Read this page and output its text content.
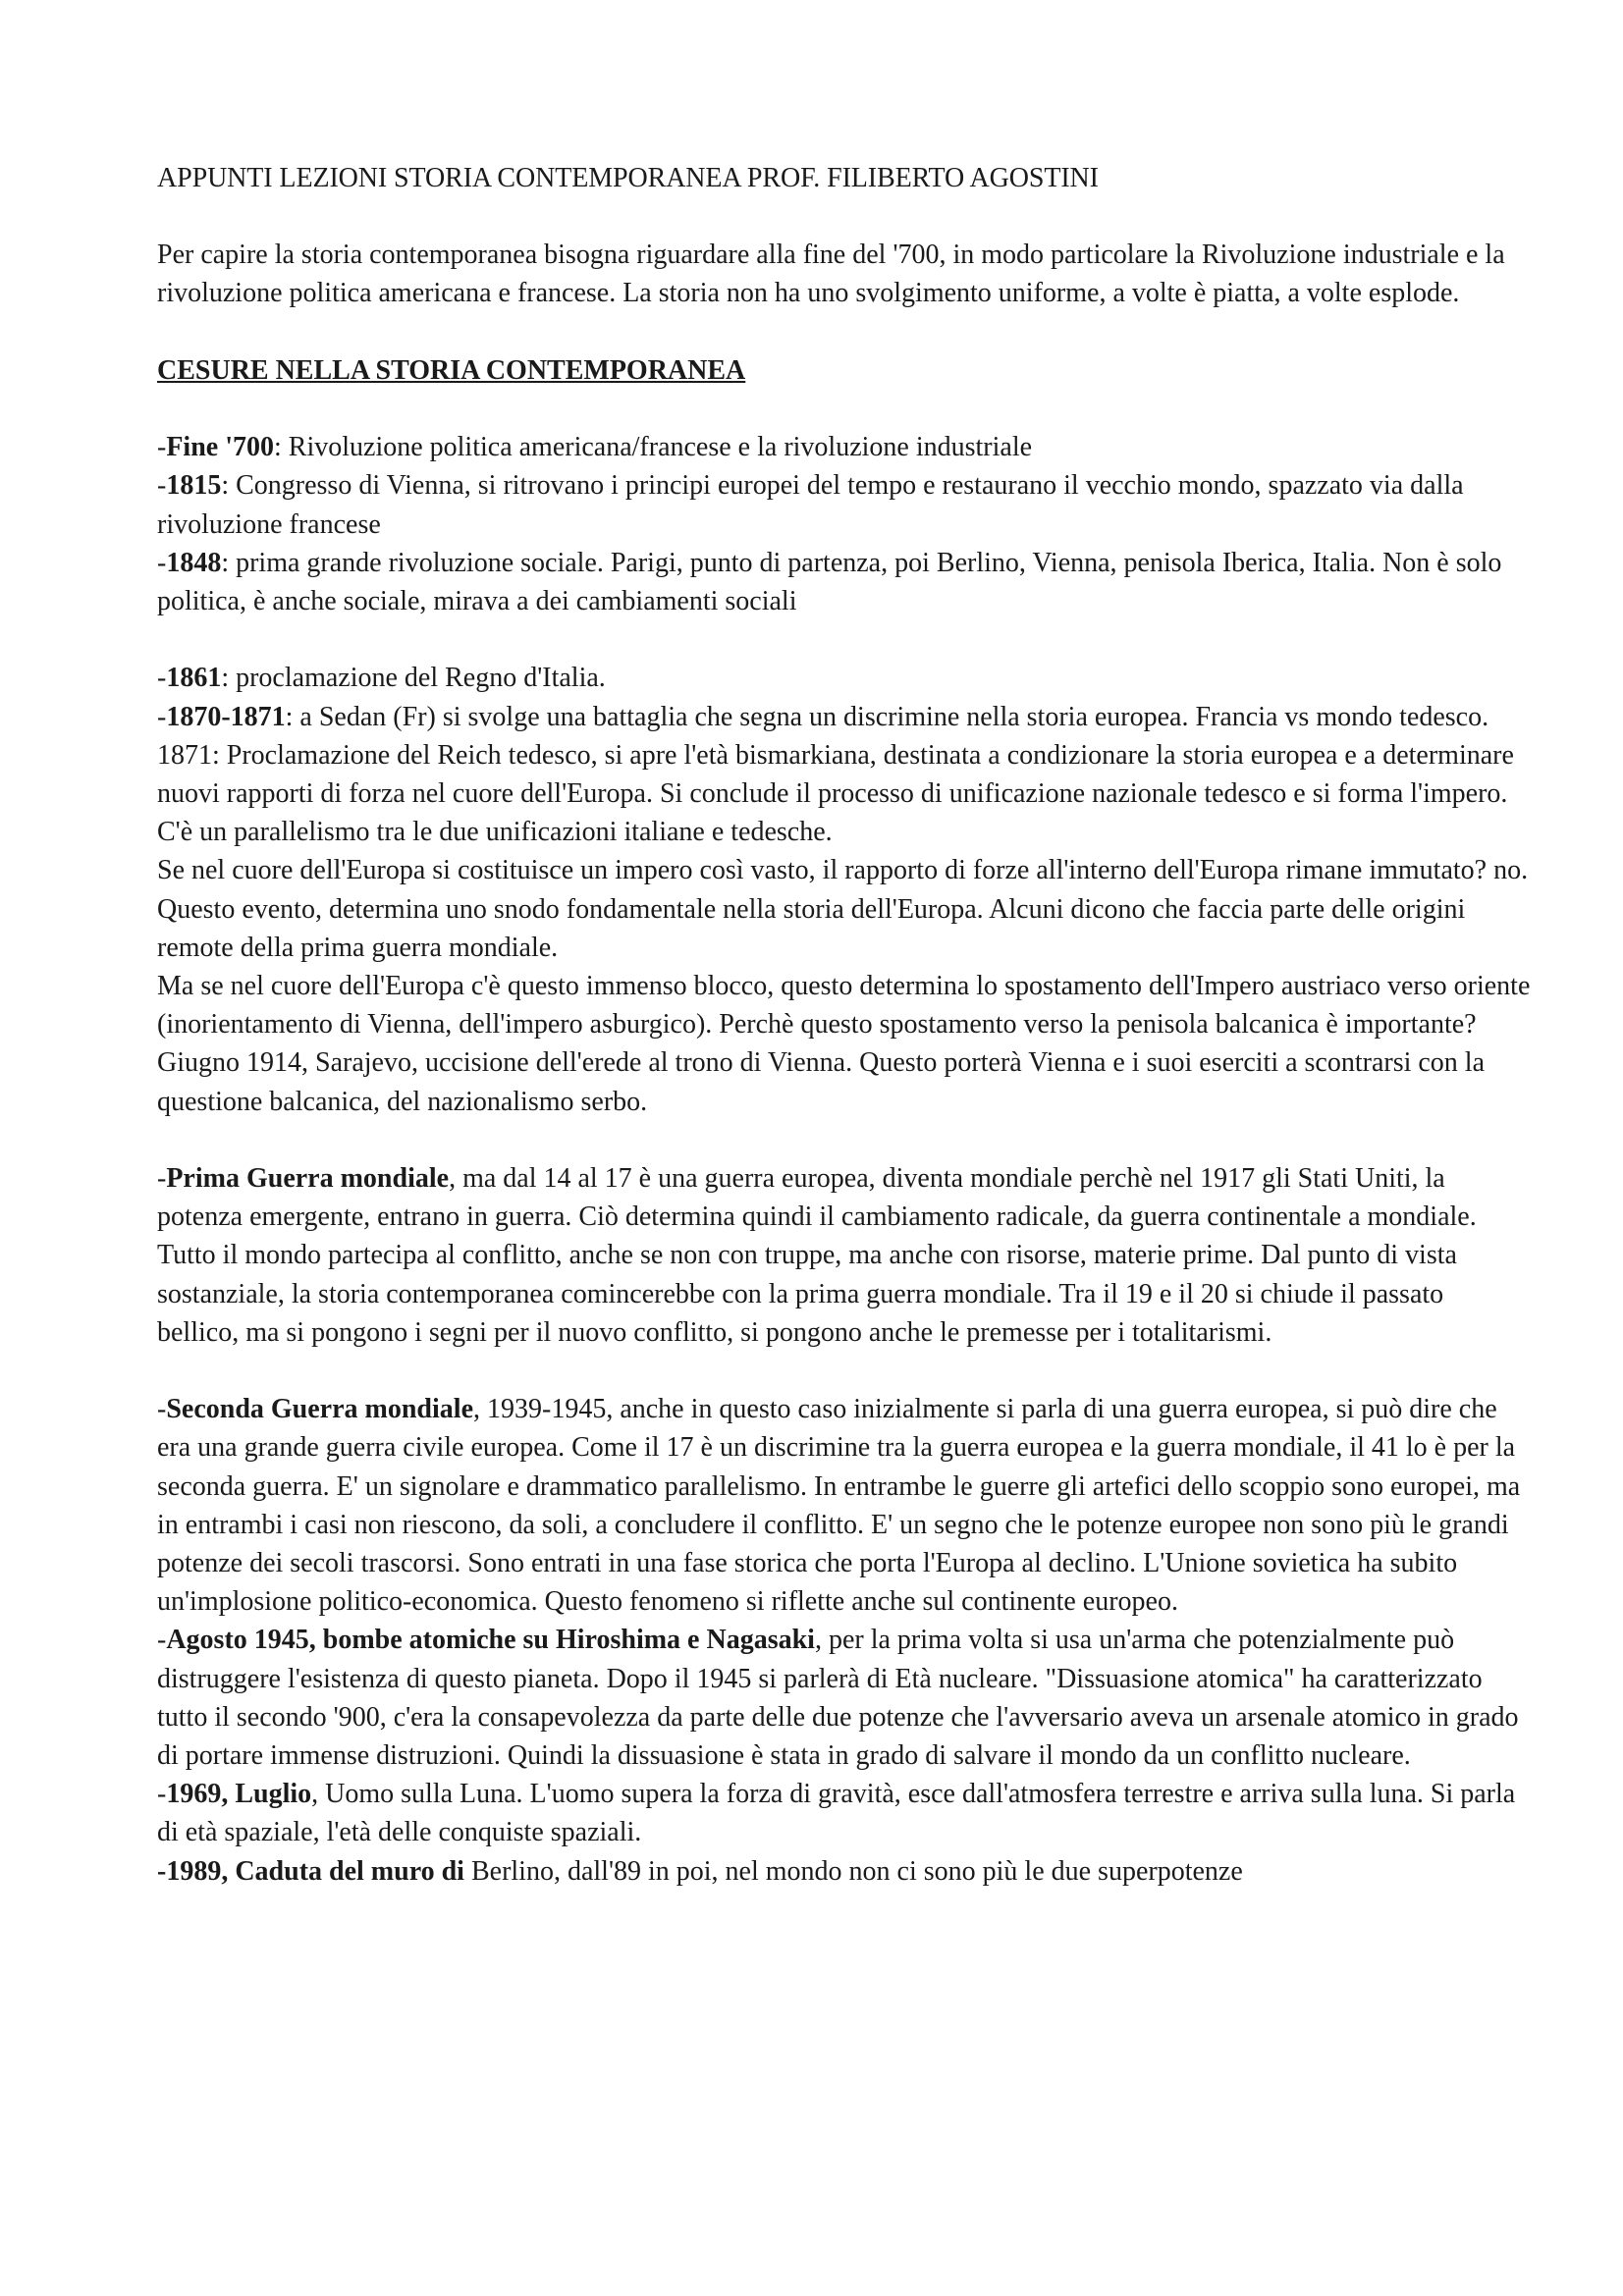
APPUNTI LEZIONI STORIA CONTEMPORANEA PROF. FILIBERTO AGOSTINI

Per capire la storia contemporanea bisogna riguardare alla fine del '700, in modo particolare la Rivoluzione industriale e la rivoluzione politica americana e francese. La storia non ha uno svolgimento uniforme, a volte è piatta, a volte esplode.

CESURE NELLA STORIA CONTEMPORANEA

-Fine '700: Rivoluzione politica americana/francese e la rivoluzione industriale

-1815: Congresso di Vienna, si ritrovano i principi europei del tempo e restaurano il vecchio mondo, spazzato via dalla rivoluzione francese

-1848: prima grande rivoluzione sociale. Parigi, punto di partenza, poi Berlino, Vienna, penisola Iberica, Italia. Non è solo politica, è anche sociale, mirava a dei cambiamenti sociali

-1861: proclamazione del Regno d'Italia.

-1870-1871: a Sedan (Fr) si svolge una battaglia che segna un discrimine nella storia europea. Francia vs mondo tedesco. 1871: Proclamazione del Reich tedesco, si apre l'età bismarkiana, destinata a condizionare la storia europea e a determinare nuovi rapporti di forza nel cuore dell'Europa. Si conclude il processo di unificazione nazionale tedesco e si forma l'impero. C'è un parallelismo tra le due unificazioni italiane e tedesche.

Se nel cuore dell'Europa si costituisce un impero così vasto, il rapporto di forze all'interno dell'Europa rimane immutato? no. Questo evento, determina uno snodo fondamentale nella storia dell'Europa. Alcuni dicono che faccia parte delle origini remote della prima guerra mondiale.

Ma se nel cuore dell'Europa c'è questo immenso blocco, questo determina lo spostamento dell'Impero austriaco verso oriente (inorientamento di Vienna, dell'impero asburgico). Perchè questo spostamento verso la penisola balcanica è importante? Giugno 1914, Sarajevo, uccisione dell'erede al trono di Vienna. Questo porterà Vienna e i suoi eserciti a scontrarsi con la questione balcanica, del nazionalismo serbo.

-Prima Guerra mondiale, ma dal 14 al 17 è una guerra europea, diventa mondiale perchè nel 1917 gli Stati Uniti, la potenza emergente, entrano in guerra. Ciò determina quindi il cambiamento radicale, da guerra continentale a mondiale. Tutto il mondo partecipa al conflitto, anche se non con truppe, ma anche con risorse, materie prime. Dal punto di vista sostanziale, la storia contemporanea comincerebbe con la prima guerra mondiale. Tra il 19 e il 20 si chiude il passato bellico, ma si pongono i segni per il nuovo conflitto, si pongono anche le premesse per i totalitarismi.

-Seconda Guerra mondiale, 1939-1945, anche in questo caso inizialmente si parla di una guerra europea, si può dire che era una grande guerra civile europea. Come il 17 è un discrimine tra la guerra europea e la guerra mondiale, il 41 lo è per la seconda guerra. E' un signolare e drammatico parallelismo. In entrambe le guerre gli artefici dello scoppio sono europei, ma in entrambi i casi non riescono, da soli, a concludere il conflitto. E' un segno che le potenze europee non sono più le grandi potenze dei secoli trascorsi. Sono entrati in una fase storica che porta l'Europa al declino. L'Unione sovietica ha subito un'implosione politico-economica. Questo fenomeno si riflette anche sul continente europeo.

-Agosto 1945, bombe atomiche su Hiroshima e Nagasaki, per la prima volta si usa un'arma che potenzialmente può distruggere l'esistenza di questo pianeta. Dopo il 1945 si parlerà di Età nucleare. "Dissuasione atomica" ha caratterizzato tutto il secondo '900, c'era la consapevolezza da parte delle due potenze che l'avversario aveva un arsenale atomico in grado di portare immense distruzioni. Quindi la dissuasione è stata in grado di salvare il mondo da un conflitto nucleare.

-1969, Luglio, Uomo sulla Luna. L'uomo supera la forza di gravità, esce dall'atmosfera terrestre e arriva sulla luna. Si parla di età spaziale, l'età delle conquiste spaziali.

-1989, Caduta del muro di Berlino, dall'89 in poi, nel mondo non ci sono più le due superpotenze
